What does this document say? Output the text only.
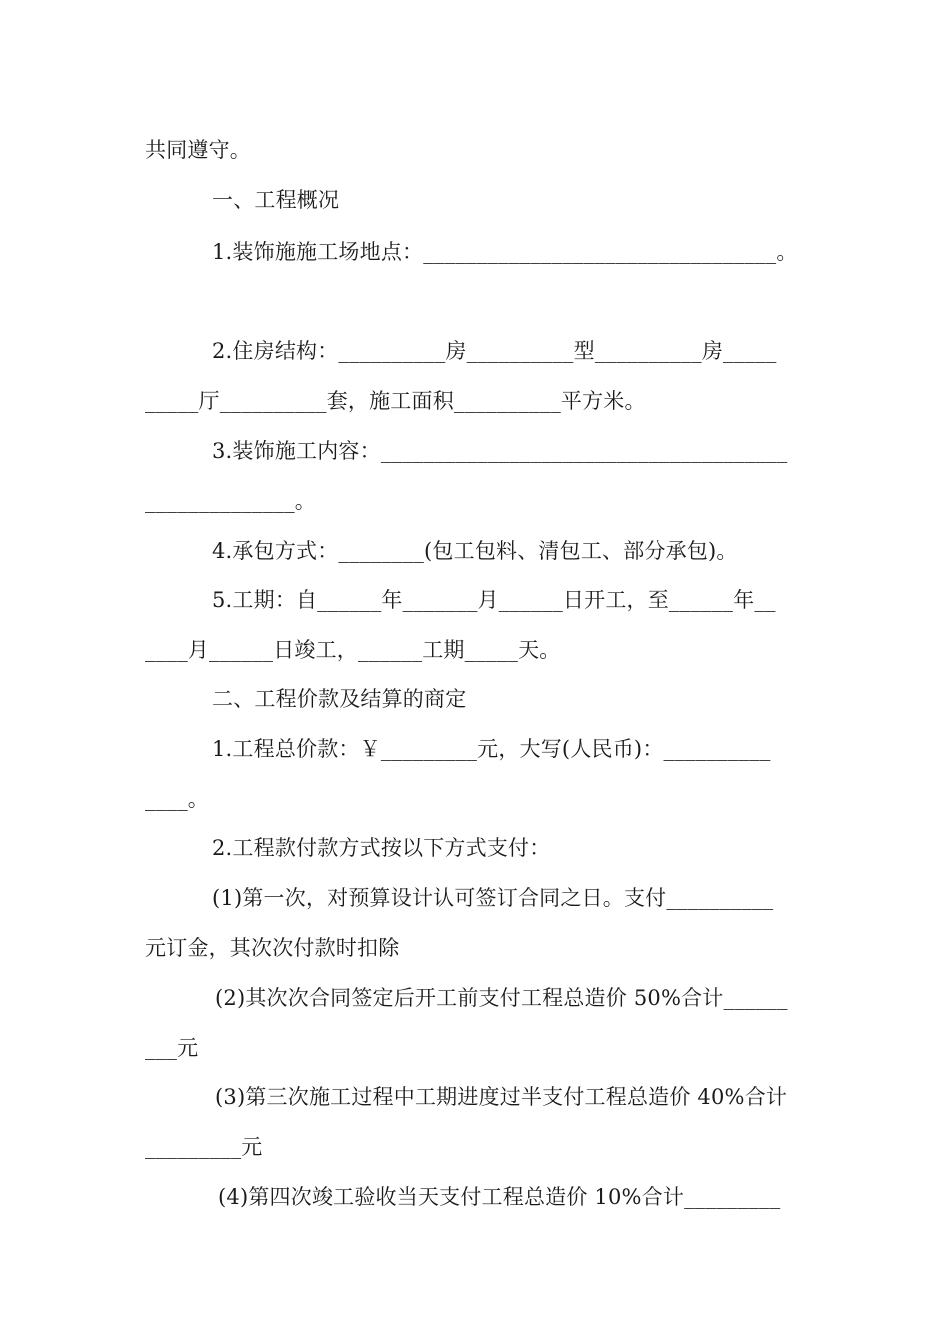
共同遵守。
一、工程概况
1.装饰施施工场地点：_________________________________。
2.住房结构：__________房__________型__________房_____
_____厅__________套，施工面积__________平方米。
3.装饰施工内容：______________________________________
______________。
4.承包方式：________(包工包料、清包工、部分承包)。
5.工期：自______年_______月______日开工，至______年__
____月______日竣工，______工期_____天。
二、工程价款及结算的商定
1.工程总价款：￥_________元，大写(人民币)：__________
____。
2.工程款付款方式按以下方式支付：
(1)第一次，对预算设计认可签订合同之日。支付__________
元订金，其次次付款时扣除
(2)其次次合同签定后开工前支付工程总造价 50%合计______
___元
(3)第三次施工过程中工期进度过半支付工程总造价 40%合计
_________元
(4)第四次竣工验收当天支付工程总造价 10%合计_________
